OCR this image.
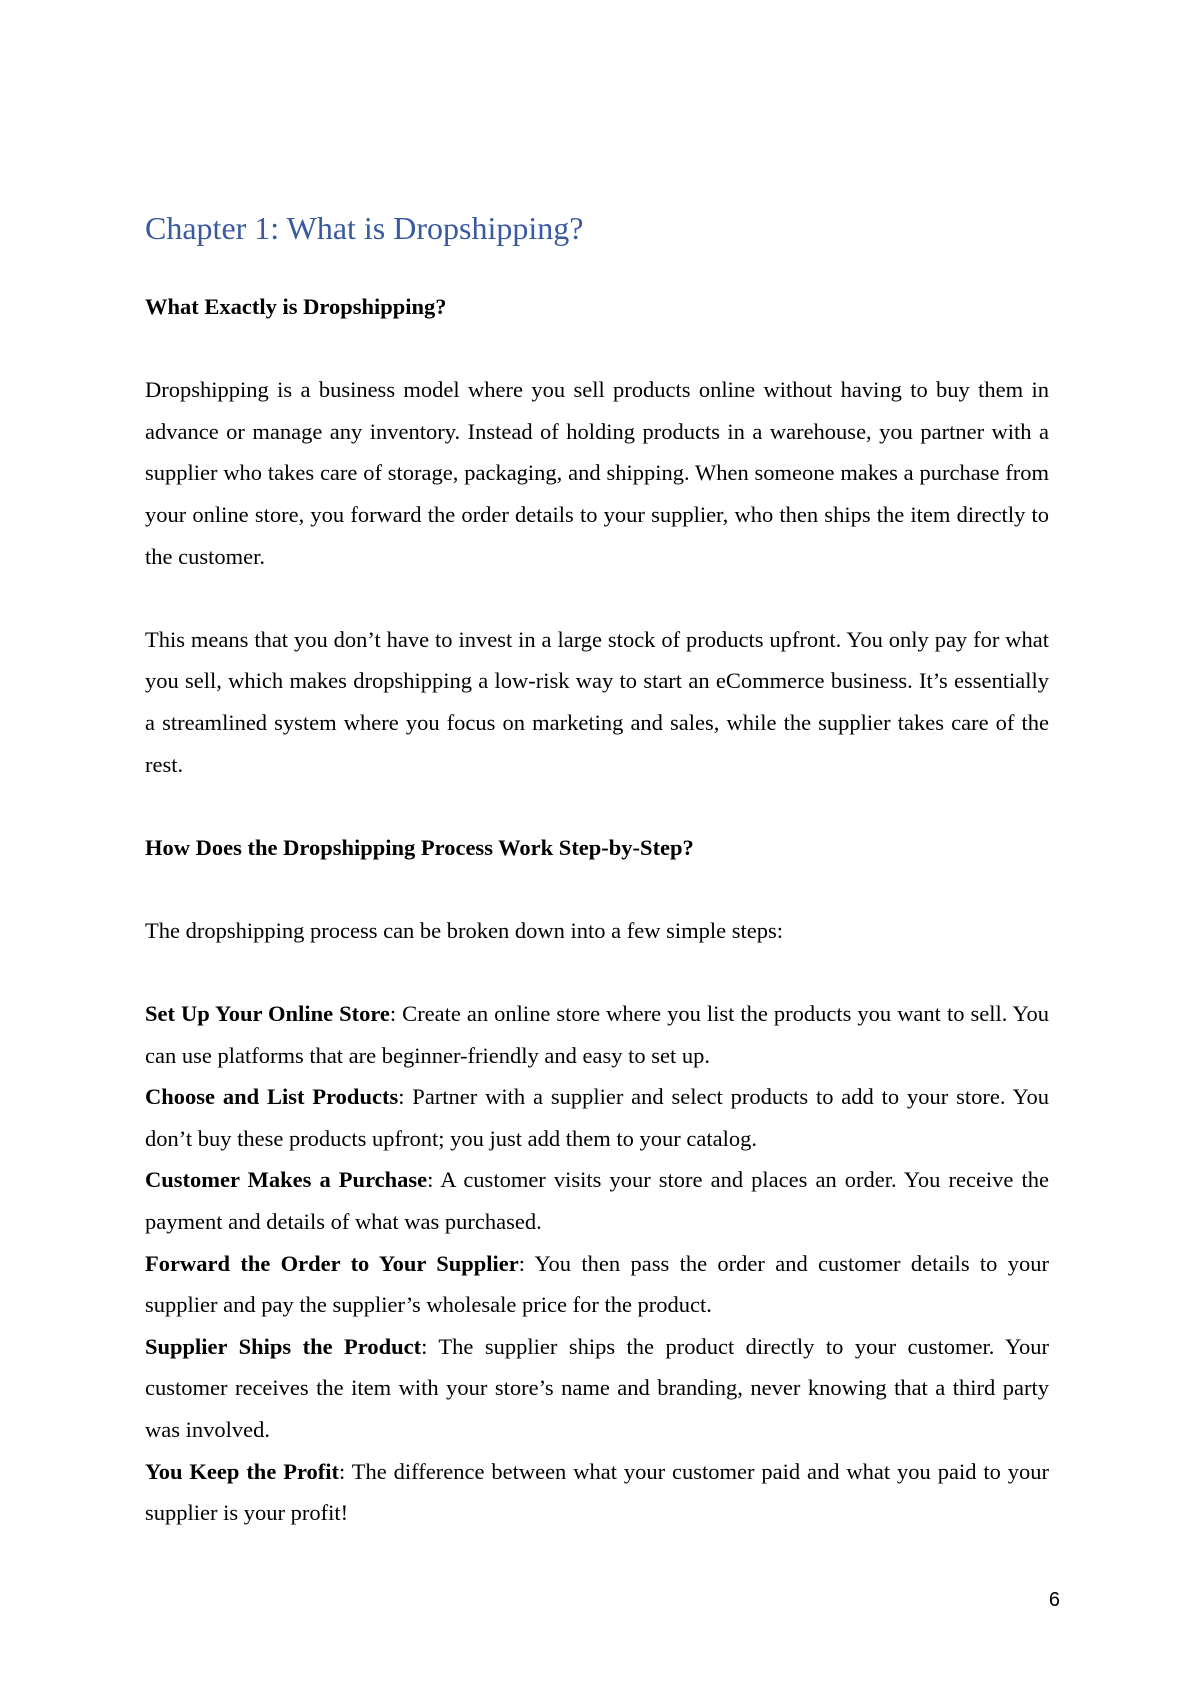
Chapter 1: What is Dropshipping?
What Exactly is Dropshipping?

Dropshipping is a business model where you sell products online without having to buy them in advance or manage any inventory. Instead of holding products in a warehouse, you partner with a supplier who takes care of storage, packaging, and shipping. When someone makes a purchase from your online store, you forward the order details to your supplier, who then ships the item directly to the customer.

This means that you don’t have to invest in a large stock of products upfront. You only pay for what you sell, which makes dropshipping a low-risk way to start an eCommerce business. It’s essentially a streamlined system where you focus on marketing and sales, while the supplier takes care of the rest.

How Does the Dropshipping Process Work Step-by-Step?

The dropshipping process can be broken down into a few simple steps:

Set Up Your Online Store: Create an online store where you list the products you want to sell. You can use platforms that are beginner-friendly and easy to set up.

Choose and List Products: Partner with a supplier and select products to add to your store. You don’t buy these products upfront; you just add them to your catalog.

Customer Makes a Purchase: A customer visits your store and places an order. You receive the payment and details of what was purchased.

Forward the Order to Your Supplier: You then pass the order and customer details to your supplier and pay the supplier’s wholesale price for the product.

Supplier Ships the Product: The supplier ships the product directly to your customer. Your customer receives the item with your store’s name and branding, never knowing that a third party was involved.

You Keep the Profit: The difference between what your customer paid and what you paid to your supplier is your profit!

6
